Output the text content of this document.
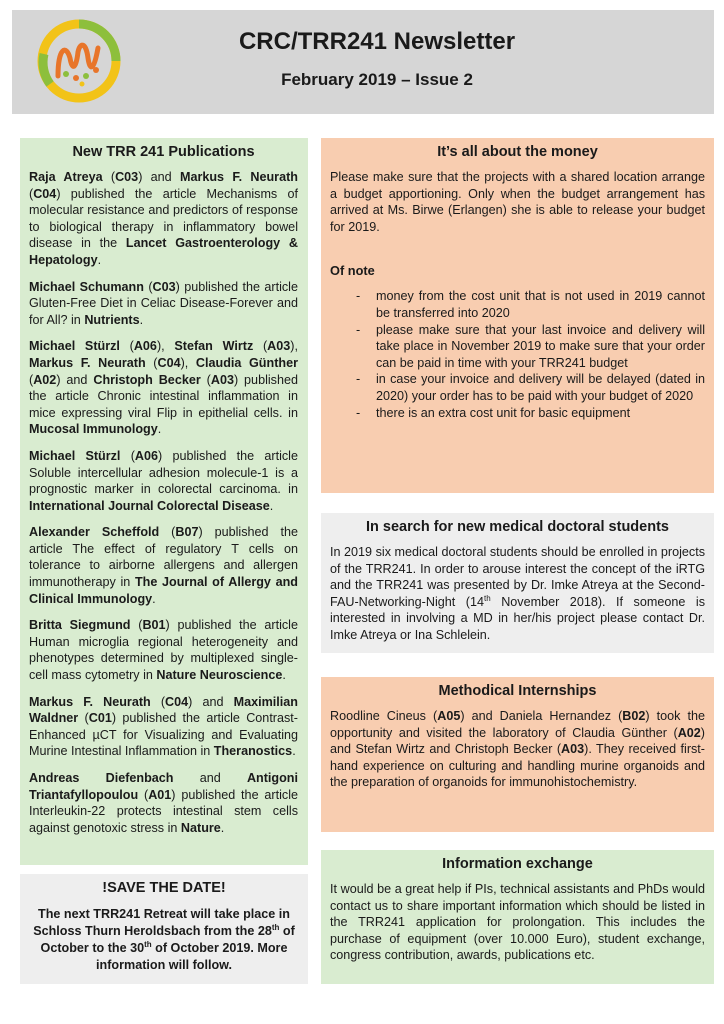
CRC/TRR241 Newsletter
February 2019 – Issue 2
New TRR 241 Publications
Raja Atreya (C03) and Markus F. Neurath (C04) published the article Mechanisms of molecular resistance and predictors of response to biological therapy in inflammatory bowel disease in the Lancet Gastroenterology & Hepatology.
Michael Schumann (C03) published the article Gluten-Free Diet in Celiac Disease-Forever and for All? in Nutrients.
Michael Stürzl (A06), Stefan Wirtz (A03), Markus F. Neurath (C04), Claudia Günther (A02) and Christoph Becker (A03) published the article Chronic intestinal inflammation in mice expressing viral Flip in epithelial cells. in Mucosal Immunology.
Michael Stürzl (A06) published the article Soluble intercellular adhesion molecule-1 is a prognostic marker in colorectal carcinoma. in International Journal Colorectal Disease.
Alexander Scheffold (B07) published the article The effect of regulatory T cells on tolerance to airborne allergens and allergen immunotherapy in The Journal of Allergy and Clinical Immunology.
Britta Siegmund (B01) published the article Human microglia regional heterogeneity and phenotypes determined by multiplexed single-cell mass cytometry in Nature Neuroscience.
Markus F. Neurath (C04) and Maximilian Waldner (C01) published the article Contrast-Enhanced µCT for Visualizing and Evaluating Murine Intestinal Inflammation in Theranostics.
Andreas Diefenbach and Antigoni Triantafyllopoulou (A01) published the article Interleukin-22 protects intestinal stem cells against genotoxic stress in Nature.
!SAVE THE DATE!
The next TRR241 Retreat will take place in Schloss Thurn Heroldsbach from the 28th of October to the 30th of October 2019. More information will follow.
It’s all about the money
Please make sure that the projects with a shared location arrange a budget apportioning. Only when the budget arrangement has arrived at Ms. Birwe (Erlangen) she is able to release your budget for 2019.
Of note
- money from the cost unit that is not used in 2019 cannot be transferred into 2020
- please make sure that your last invoice and delivery will take place in November 2019 to make sure that your order can be paid in time with your TRR241 budget
- in case your invoice and delivery will be delayed (dated in 2020) your order has to be paid with your budget of 2020
- there is an extra cost unit for basic equipment
In search for new medical doctoral students
In 2019 six medical doctoral students should be enrolled in projects of the TRR241. In order to arouse interest the concept of the iRTG and the TRR241 was presented by Dr. Imke Atreya at the Second-FAU-Networking-Night (14th November 2018). If someone is interested in involving a MD in her/his project please contact Dr. Imke Atreya or Ina Schlelein.
Methodical Internships
Roodline Cineus (A05) and Daniela Hernandez (B02) took the opportunity and visited the laboratory of Claudia Günther (A02) and Stefan Wirtz and Christoph Becker (A03). They received first-hand experience on culturing and handling murine organoids and the preparation of organoids for immunohistochemistry.
Information exchange
It would be a great help if PIs, technical assistants and PhDs would contact us to share important information which should be listed in the TRR241 application for prolongation. This includes the purchase of equipment (over 10.000 Euro), student exchange, congress contribution, awards, publications etc.
